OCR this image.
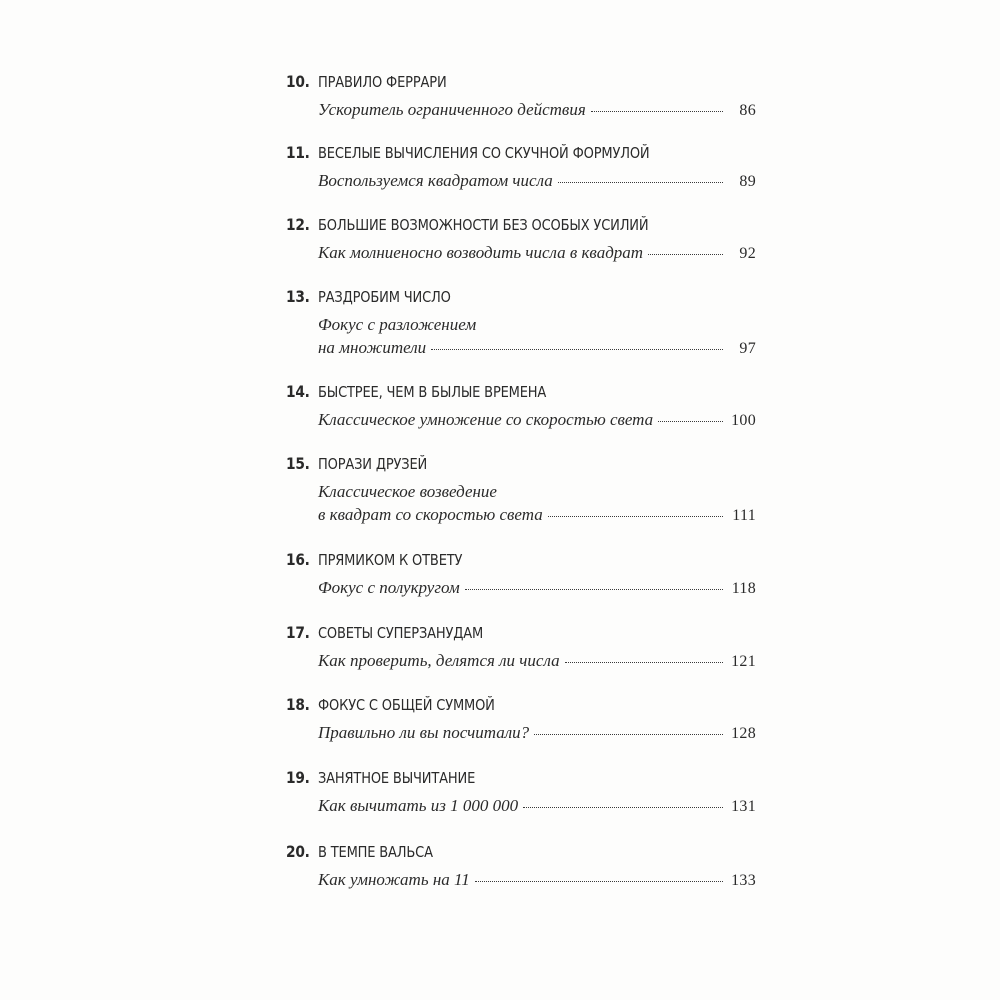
10. ПРАВИЛО ФЕРРАРИ
Ускоритель ограниченного действия	86
11. ВЕСЕЛЫЕ ВЫЧИСЛЕНИЯ СО СКУЧНОЙ ФОРМУЛОЙ
Воспользуемся квадратом числа	89
12. БОЛЬШИЕ ВОЗМОЖНОСТИ БЕЗ ОСОБЫХ УСИЛИЙ
Как молниеносно возводить числа в квадрат	92
13. РАЗДРОБИМ ЧИСЛО
Фокус с разложением
на множители	97
14. БЫСТРЕЕ, ЧЕМ В БЫЛЫЕ ВРЕМЕНА
Классическое умножение со скоростью света	100
15. ПОРАЗИ ДРУЗЕЙ
Классическое возведение
в квадрат со скоростью света	111
16. ПРЯМИКОМ К ОТВЕТУ
Фокус с полукругом	118
17. СОВЕТЫ СУПЕРЗАНУДАМ
Как проверить, делятся ли числа	121
18. ФОКУС С ОБЩЕЙ СУММОЙ
Правильно ли вы посчитали?	128
19. ЗАНЯТНОЕ ВЫЧИТАНИЕ
Как вычитать из 1 000 000	131
20. В ТЕМПЕ ВАЛЬСА
Как умножать на 11	133
